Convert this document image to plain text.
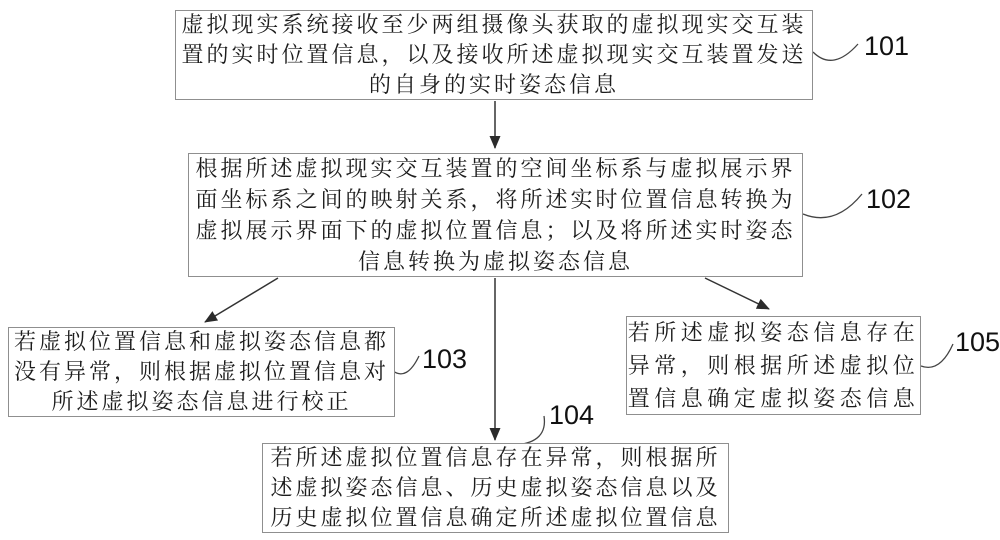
虚拟现实系统接收至少两组摄像头获取的虚拟现实交互装
置的实时位置信息，以及接收所述虚拟现实交互装置发送
的自身的实时姿态信息
根据所述虚拟现实交互装置的空间坐标系与虚拟展示界
面坐标系之间的映射关系，将所述实时位置信息转换为
虚拟展示界面下的虚拟位置信息；以及将所述实时姿态
信息转换为虚拟姿态信息
若虚拟位置信息和虚拟姿态信息都
没有异常，则根据虚拟位置信息对
所述虚拟姿态信息进行校正
若所述虚拟位置信息存在异常，则根据所
述虚拟姿态信息、历史虚拟姿态信息以及
历史虚拟位置信息确定所述虚拟位置信息
若所述虚拟姿态信息存在
异常，则根据所述虚拟位
置信息确定虚拟姿态信息
101
102
103
104
105
